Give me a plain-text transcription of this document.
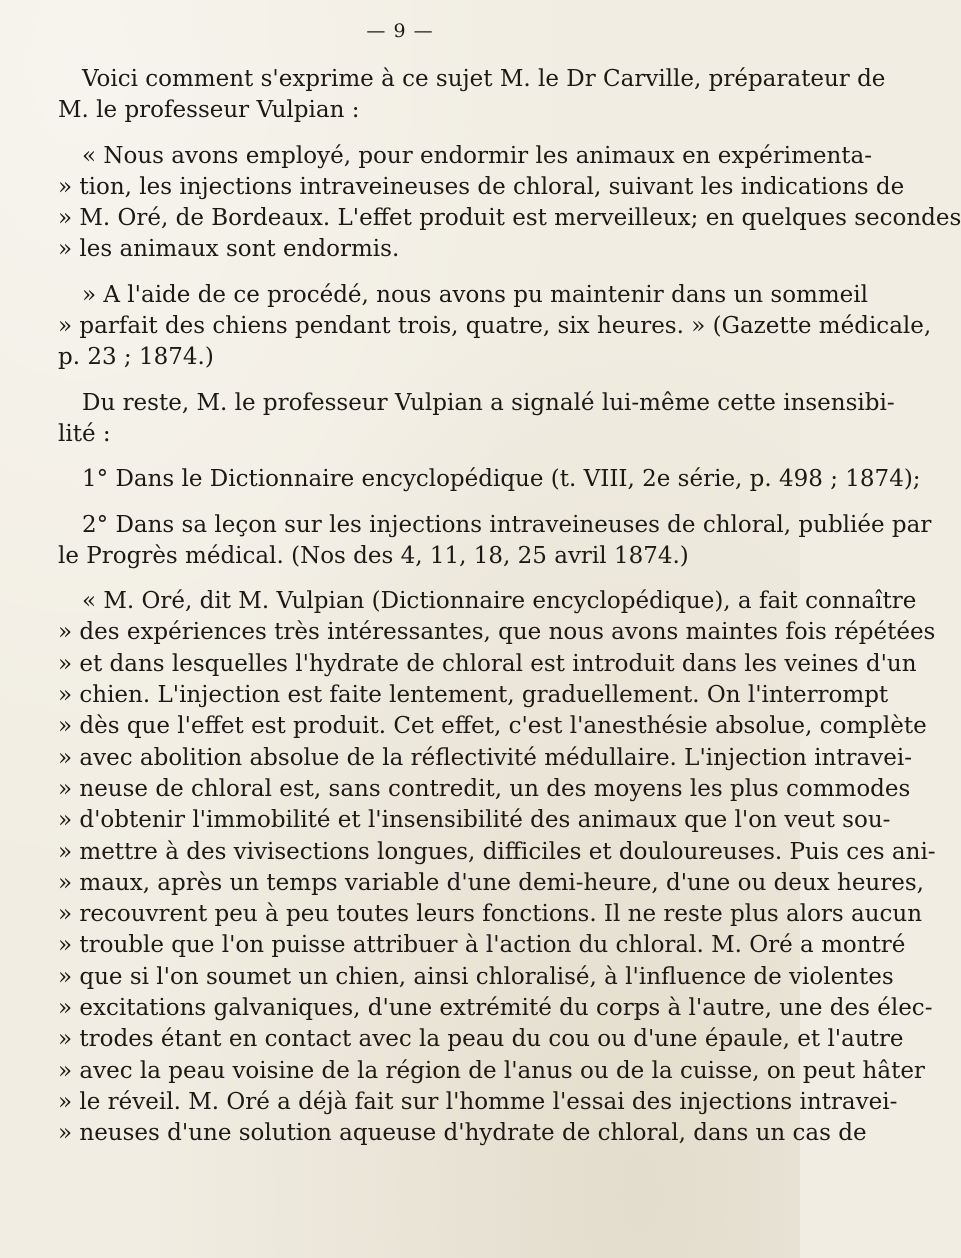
— 9 —
Voici comment s'exprime à ce sujet M. le Dr Carville, préparateur de
M. le professeur Vulpian :
« Nous avons employé, pour endormir les animaux en expérimenta-
» tion, les injections intraveineuses de chloral, suivant les indications de
» M. Oré, de Bordeaux. L'effet produit est merveilleux; en quelques secondes
» les animaux sont endormis.
» A l'aide de ce procédé, nous avons pu maintenir dans un sommeil
» parfait des chiens pendant trois, quatre, six heures. » (Gazette médicale,
p. 23 ; 1874.)
Du reste, M. le professeur Vulpian a signalé lui-même cette insensibi-
lité :
1° Dans le Dictionnaire encyclopédique (t. VIII, 2e série, p. 498 ; 1874);
2° Dans sa leçon sur les injections intraveineuses de chloral, publiée par
le Progrès médical. (Nos des 4, 11, 18, 25 avril 1874.)
« M. Oré, dit M. Vulpian (Dictionnaire encyclopédique), a fait connaître
» des expériences très intéressantes, que nous avons maintes fois répétées
» et dans lesquelles l'hydrate de chloral est introduit dans les veines d'un
» chien. L'injection est faite lentement, graduellement. On l'interrompt
» dès que l'effet est produit. Cet effet, c'est l'anesthésie absolue, complète
» avec abolition absolue de la réflectivité médullaire. L'injection intravei-
» neuse de chloral est, sans contredit, un des moyens les plus commodes
» d'obtenir l'immobilité et l'insensibilité des animaux que l'on veut sou-
» mettre à des vivisections longues, difficiles et douloureuses. Puis ces ani-
» maux, après un temps variable d'une demi-heure, d'une ou deux heures,
» recouvrent peu à peu toutes leurs fonctions. Il ne reste plus alors aucun
» trouble que l'on puisse attribuer à l'action du chloral. M. Oré a montré
» que si l'on soumet un chien, ainsi chloralisé, à l'influence de violentes
» excitations galvaniques, d'une extrémité du corps à l'autre, une des élec-
» trodes étant en contact avec la peau du cou ou d'une épaule, et l'autre
» avec la peau voisine de la région de l'anus ou de la cuisse, on peut hâter
» le réveil. M. Oré a déjà fait sur l'homme l'essai des injections intravei-
» neuses d'une solution aqueuse d'hydrate de chloral, dans un cas de
